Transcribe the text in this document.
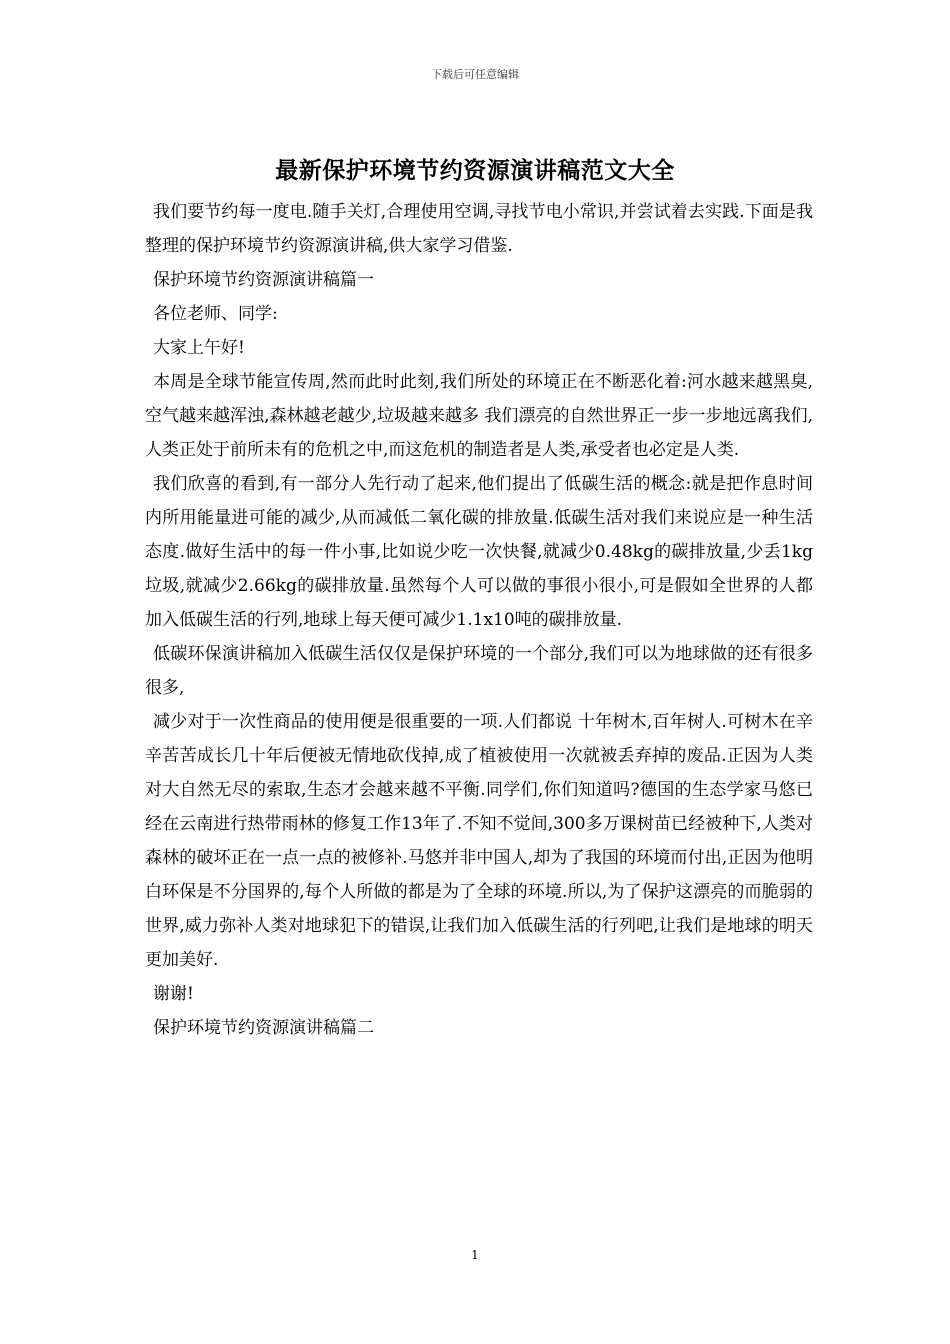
下载后可任意编辑
最新保护环境节约资源演讲稿范文大全

我们要节约每一度电.随手关灯,合理使用空调,寻找节电小常识,并尝试着去实践.下面是我整理的保护环境节约资源演讲稿,供大家学习借鉴.

保护环境节约资源演讲稿篇一

各位老师、同学:

大家上午好!

本周是全球节能宣传周,然而此时此刻,我们所处的环境正在不断恶化着:河水越来越黑臭,空气越来越浑浊,森林越老越少,垃圾越来越多 我们漂亮的自然世界正一步一步地远离我们,人类正处于前所未有的危机之中,而这危机的制造者是人类,承受者也必定是人类.

我们欣喜的看到,有一部分人先行动了起来,他们提出了低碳生活的概念:就是把作息时间内所用能量进可能的减少,从而减低二氧化碳的排放量.低碳生活对我们来说应是一种生活态度.做好生活中的每一件小事,比如说少吃一次快餐,就减少0.48kg的碳排放量,少丢1kg垃圾,就减少2.66kg的碳排放量.虽然每个人可以做的事很小很小,可是假如全世界的人都加入低碳生活的行列,地球上每天便可减少1.1x10吨的碳排放量.

低碳环保演讲稿加入低碳生活仅仅是保护环境的一个部分,我们可以为地球做的还有很多很多,

减少对于一次性商品的使用便是很重要的一项.人们都说 十年树木,百年树人.可树木在辛辛苦苦成长几十年后便被无情地砍伐掉,成了植被使用一次就被丢弃掉的废品.正因为人类对大自然无尽的索取,生态才会越来越不平衡.同学们,你们知道吗?德国的生态学家马悠已经在云南进行热带雨林的修复工作13年了.不知不觉间,300多万课树苗已经被种下,人类对森林的破坏正在一点一点的被修补.马悠并非中国人,却为了我国的环境而付出,正因为他明白环保是不分国界的,每个人所做的都是为了全球的环境.所以,为了保护这漂亮的而脆弱的世界,威力弥补人类对地球犯下的错误,让我们加入低碳生活的行列吧,让我们是地球的明天更加美好.

谢谢!

保护环境节约资源演讲稿篇二

1
